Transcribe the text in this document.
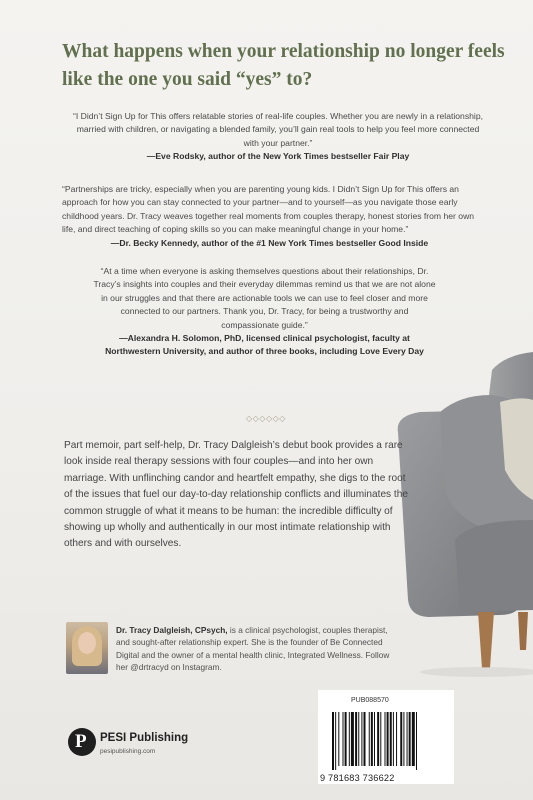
What happens when your relationship no longer feels like the one you said “yes” to?
“I Didn’t Sign Up for This offers relatable stories of real-life couples. Whether you are newly in a relationship, married with children, or navigating a blended family, you’ll gain real tools to help you feel more connected with your partner.”
—Eve Rodsky, author of the New York Times bestseller Fair Play
“Partnerships are tricky, especially when you are parenting young kids. I Didn’t Sign Up for This offers an approach for how you can stay connected to your partner—and to yourself—as you navigate those early childhood years. Dr. Tracy weaves together real moments from couples therapy, honest stories from her own life, and direct teaching of coping skills so you can make meaningful change in your home.”
—Dr. Becky Kennedy, author of the #1 New York Times bestseller Good Inside
“At a time when everyone is asking themselves questions about their relationships, Dr. Tracy’s insights into couples and their everyday dilemmas remind us that we are not alone in our struggles and that there are actionable tools we can use to feel closer and more connected to our partners. Thank you, Dr. Tracy, for being a trustworthy and compassionate guide.”
—Alexandra H. Solomon, PhD, licensed clinical psychologist, faculty at Northwestern University, and author of three books, including Love Every Day
◇◇◇◇◇◇

Part memoir, part self-help, Dr. Tracy Dalgleish’s debut book provides a rare look inside real therapy sessions with four couples—and into her own marriage. With unflinching candor and heartfelt empathy, she digs to the root of the issues that fuel our day-to-day relationship conflicts and illuminates the common struggle of what it means to be human: the incredible difficulty of showing up wholly and authentically in our most intimate relationship with others and with ourselves.

Dr. Tracy Dalgleish, CPsych, is a clinical psychologist, couples therapist, and sought-after relationship expert. She is the founder of Be Connected Digital and the owner of a mental health clinic, Integrated Wellness. Follow her @drtracyd on Instagram.
P PESI Publishing
pesipublishing.com
PUB088570
9 781683 736622
